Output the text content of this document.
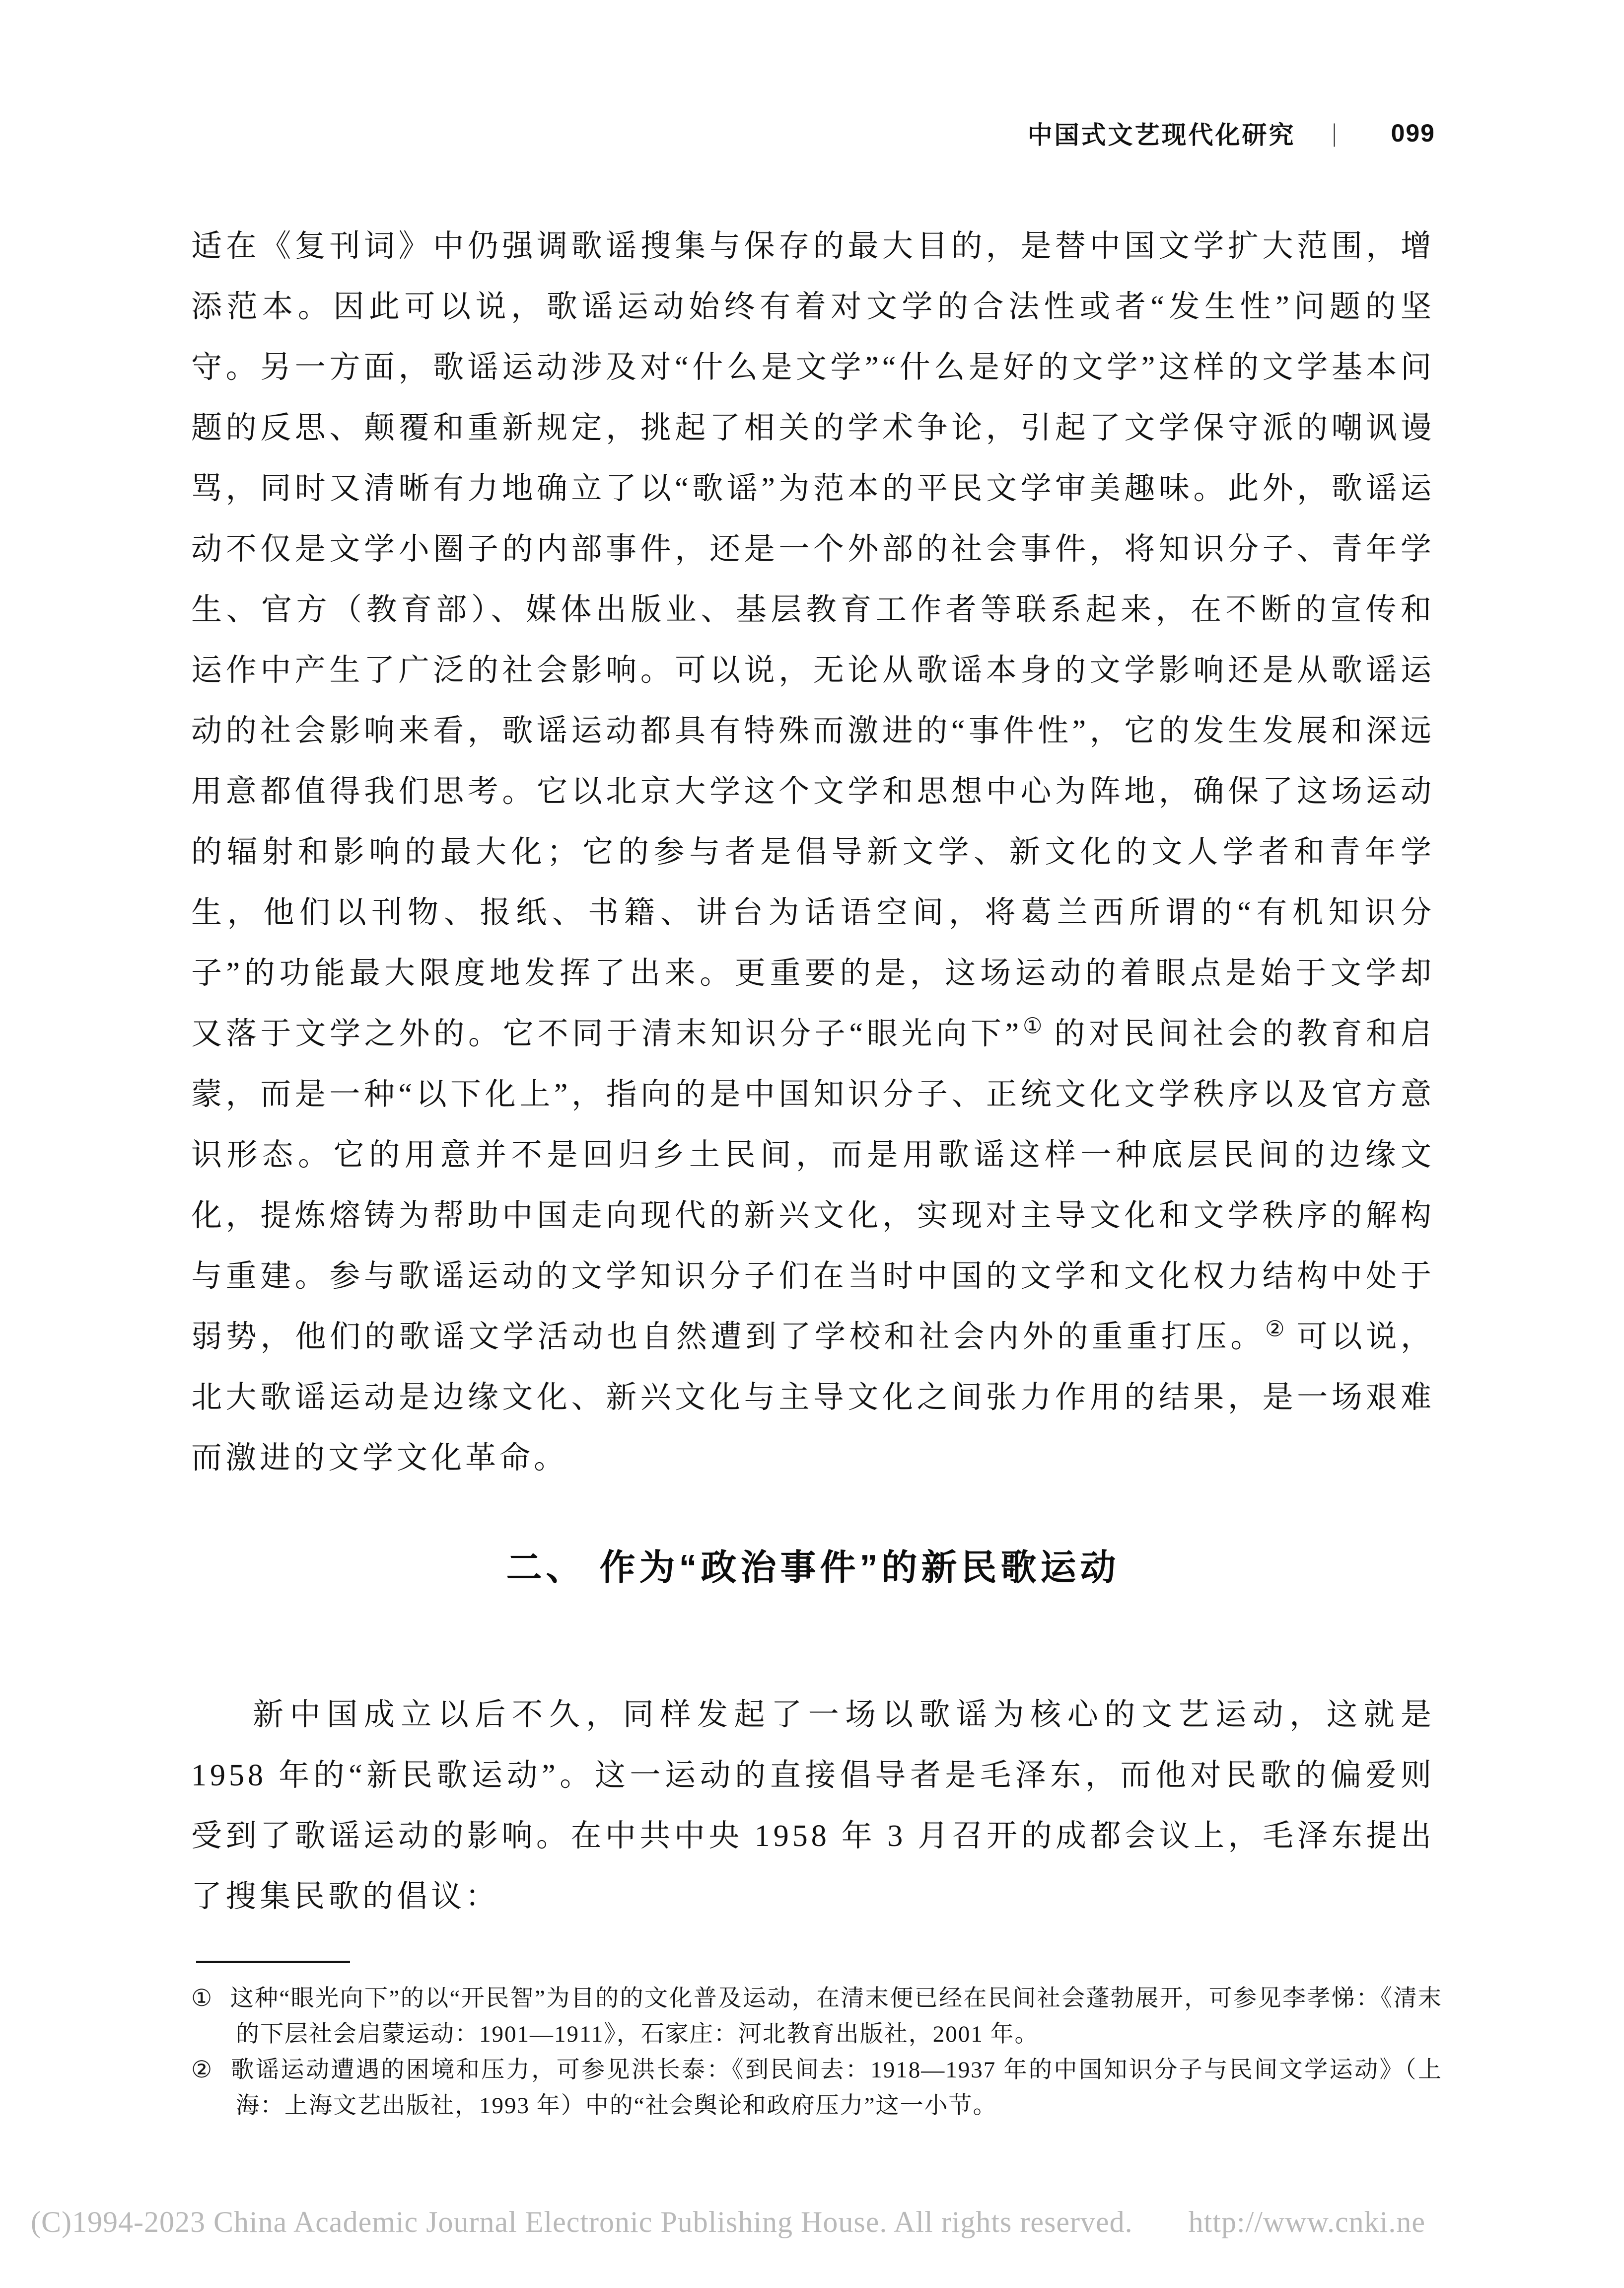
中国式文艺现代化研究 | 099

适在《复刊词》中仍强调歌谣搜集与保存的最大目的，是替中国文学扩大范围，增添范本。因此可以说，歌谣运动始终有着对文学的合法性或者“发生性”问题的坚守。另一方面，歌谣运动涉及对“什么是文学”“什么是好的文学”这样的文学基本问题的反思、颠覆和重新规定，挑起了相关的学术争论，引起了文学保守派的嘲讽谩骂，同时又清晰有力地确立了以“歌谣”为范本的平民文学审美趣味。此外，歌谣运动不仅是文学小圈子的内部事件，还是一个外部的社会事件，将知识分子、青年学生、官方（教育部）、媒体出版业、基层教育工作者等联系起来，在不断的宣传和运作中产生了广泛的社会影响。可以说，无论从歌谣本身的文学影响还是从歌谣运动的社会影响来看，歌谣运动都具有特殊而激进的“事件性”，它的发生发展和深远用意都值得我们思考。它以北京大学这个文学和思想中心为阵地，确保了这场运动的辐射和影响的最大化；它的参与者是倡导新文学、新文化的文人学者和青年学生，他们以刊物、报纸、书籍、讲台为话语空间，将葛兰西所谓的“有机知识分子”的功能最大限度地发挥了出来。更重要的是，这场运动的着眼点是始于文学却又落于文学之外的。它不同于清末知识分子“眼光向下”① 的对民间社会的教育和启蒙，而是一种“以下化上”，指向的是中国知识分子、正统文化文学秩序以及官方意识形态。它的用意并不是回归乡土民间，而是用歌谣这样一种底层民间的边缘文化，提炼熔铸为帮助中国走向现代的新兴文化，实现对主导文化和文学秩序的解构与重建。参与歌谣运动的文学知识分子们在当时中国的文学和文化权力结构中处于弱势，他们的歌谣文学活动也自然遭到了学校和社会内外的重重打压。② 可以说，北大歌谣运动是边缘文化、新兴文化与主导文化之间张力作用的结果，是一场艰难而激进的文学文化革命。

二、 作为“政治事件”的新民歌运动

新中国成立以后不久，同样发起了一场以歌谣为核心的文艺运动，这就是 1958 年的“新民歌运动”。这一运动的直接倡导者是毛泽东，而他对民歌的偏爱则受到了歌谣运动的影响。在中共中央 1958 年 3 月召开的成都会议上，毛泽东提出了搜集民歌的倡议：

① 这种“眼光向下”的以“开民智”为目的的文化普及运动，在清末便已经在民间社会蓬勃展开，可参见李孝悌：《清末的下层社会启蒙运动：1901—1911》，石家庄：河北教育出版社，2001 年。
② 歌谣运动遭遇的困境和压力，可参见洪长泰：《到民间去：1918—1937 年的中国知识分子与民间文学运动》（上海：上海文艺出版社，1993 年）中的“社会舆论和政府压力”这一小节。
(C)1994-2023 China Academic Journal Electronic Publishing House. All rights reserved. http://www.cnki.ne
